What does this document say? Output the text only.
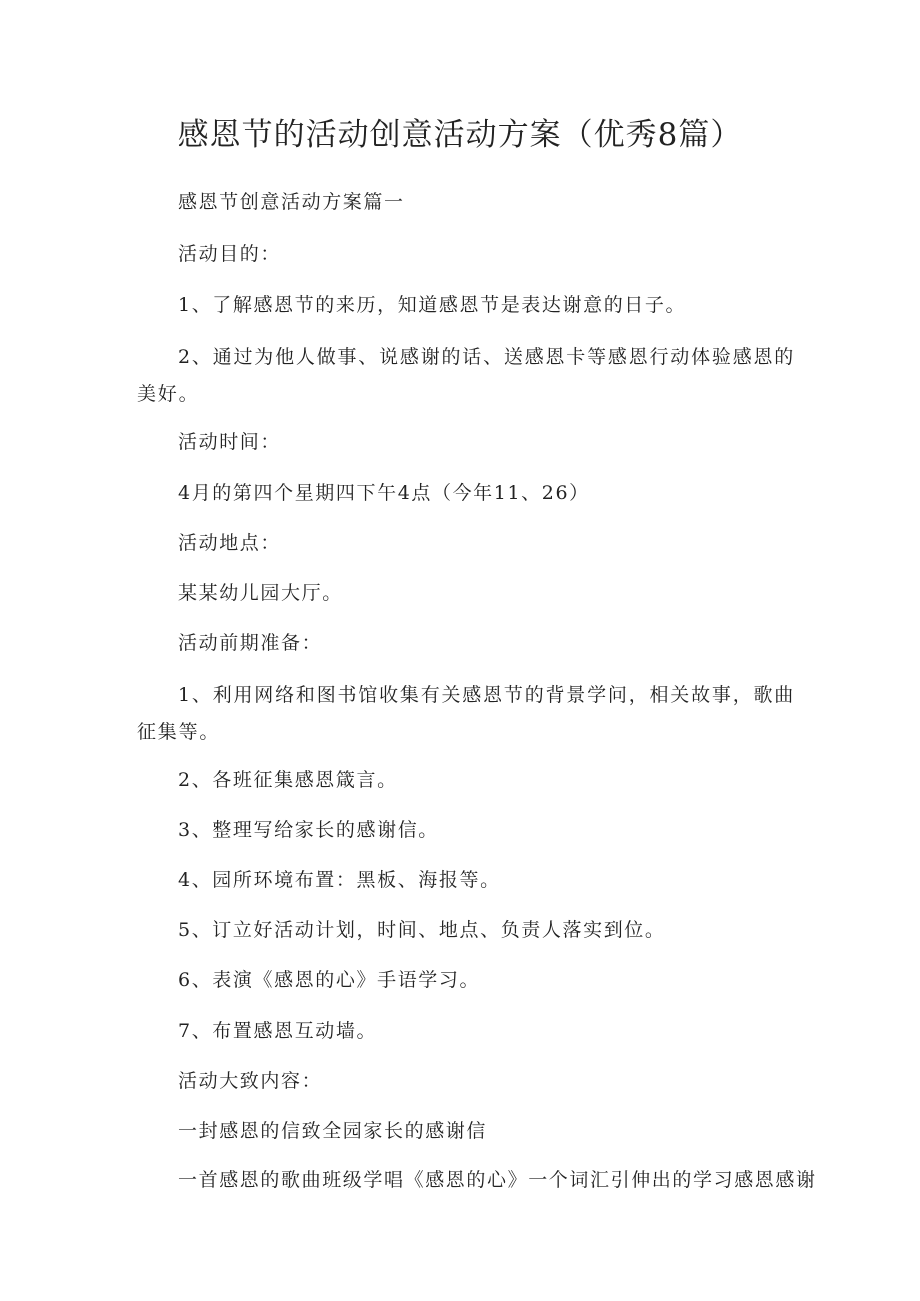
感恩节的活动创意活动方案（优秀8篇）
感恩节创意活动方案篇一
活动目的：
1、了解感恩节的来历，知道感恩节是表达谢意的日子。
2、通过为他人做事、说感谢的话、送感恩卡等感恩行动体验感恩的美好。
活动时间：
4月的第四个星期四下午4点（今年11、26）
活动地点：
某某幼儿园大厅。
活动前期准备：
1、利用网络和图书馆收集有关感恩节的背景学问，相关故事，歌曲征集等。
2、各班征集感恩箴言。
3、整理写给家长的感谢信。
4、园所环境布置：黑板、海报等。
5、订立好活动计划，时间、地点、负责人落实到位。
6、表演《感恩的心》手语学习。
7、布置感恩互动墙。
活动大致内容：
一封感恩的信致全园家长的感谢信
一首感恩的歌曲班级学唱《感恩的心》一个词汇引伸出的学习感恩感谢
